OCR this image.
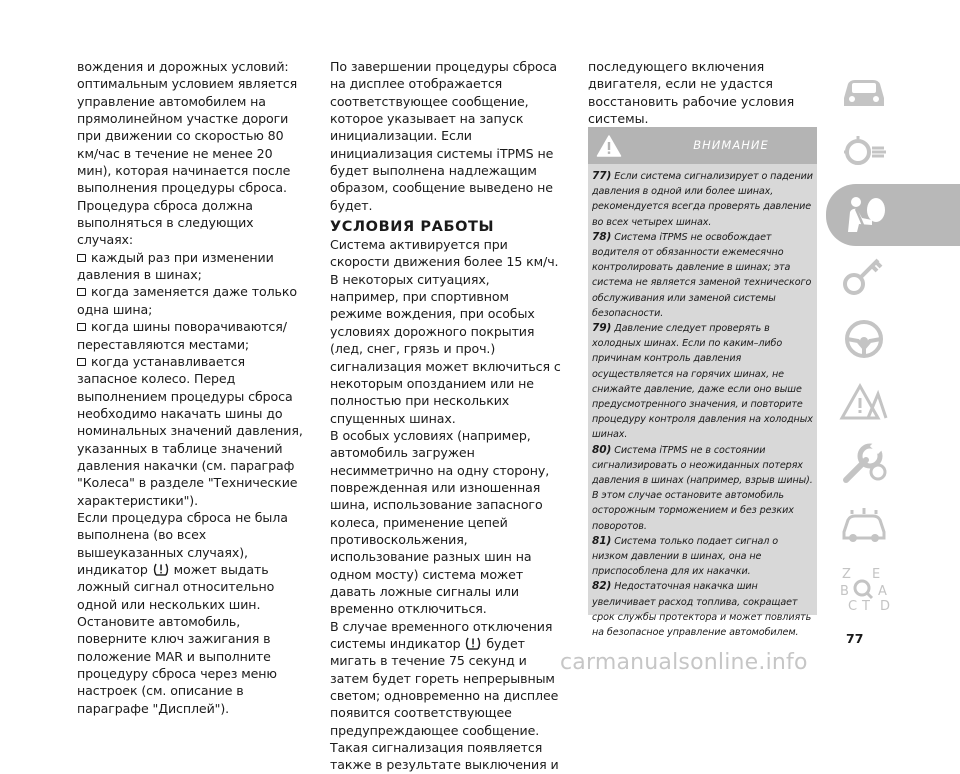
вождения и дорожных условий: оптимальным условием является управление автомобилем на прямолинейном участке дороги при движении со скоростью 80 км/час в течение не менее 20 мин), которая начинается после выполнения процедуры сброса.

Процедура сброса должна выполняться в следующих случаях:

каждый раз при изменении давления в шинах;

когда заменяется даже только одна шина;

когда шины поворачиваются/переставляются местами;

когда устанавливается запасное колесо. Перед выполнением процедуры сброса необходимо накачать шины до номинальных значений давления, указанных в таблице значений давления накачки (см. параграф "Колеса" в разделе "Технические характеристики").

Если процедура сброса не была выполнена (во всех вышеуказанных случаях), индикатор может выдать ложный сигнал относительно одной или нескольких шин. Остановите автомобиль, поверните ключ зажигания в положение MAR и выполните процедуру сброса через меню настроек (см. описание в параграфе "Дисплей").

По завершении процедуры сброса на дисплее отображается соответствующее сообщение, которое указывает на запуск инициализации. Если инициализация системы iTPMS не будет выполнена надлежащим образом, сообщение выведено не будет.

УСЛОВИЯ РАБОТЫ

Система активируется при скорости движения более 15 км/ч.

В некоторых ситуациях, например, при спортивном режиме вождения, при особых условиях дорожного покрытия (лед, снег, грязь и проч.) сигнализация может включиться с некоторым опозданием или не полностью при нескольких спущенных шинах.

В особых условиях (например, автомобиль загружен несимметрично на одну сторону, поврежденная или изношенная шина, использование запасного колеса, применение цепей противоскольжения, использование разных шин на одном мосту) система может давать ложные сигналы или временно отключиться.

В случае временного отключения системы индикатор будет мигать в течение 75 секунд и затем будет гореть непрерывным светом; одновременно на дисплее появится соответствующее предупреждающее сообщение.

Такая сигнализация появляется также в результате выключения и

последующего включения двигателя, если не удастся восстановить рабочие условия системы.

ВНИМАНИЕ

77) Если система сигнализирует о падении давления в одной или более шинах, рекомендуется всегда проверять давление во всех четырех шинах.

78) Система iTPMS не освобождает водителя от обязанности ежемесячно контролировать давление в шинах; эта система не является заменой технического обслуживания или заменой системы безопасности.

79) Давление следует проверять в холодных шинах. Если по каким–либо причинам контроль давления осуществляется на горячих шинах, не снижайте давление, даже если оно выше предусмотренного значения, и повторите процедуру контроля давления на холодных шинах.

80) Система iTPMS не в состоянии сигнализировать о неожиданных потерях давления в шинах (например, взрыв шины). В этом случае остановите автомобиль осторожным торможением и без резких поворотов.

81) Система только подает сигнал о низком давлении в шинах, она не приспособлена для их накачки.

82) Недостаточная накачка шин увеличивает расход топлива, сокращает срок службы протектора и может повлиять на безопасное управление автомобилем.

Z E
B A
C T D
77
carmanualsonline.info
